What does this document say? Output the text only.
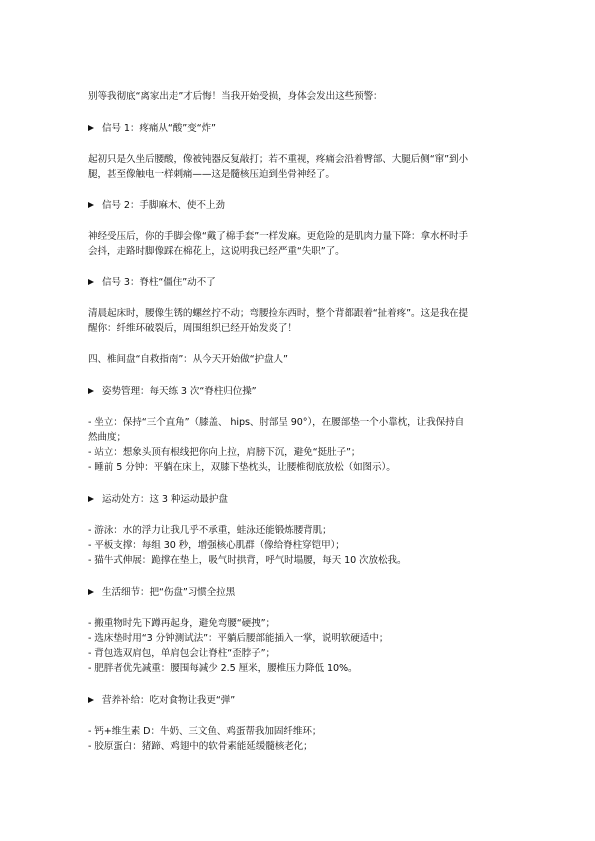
别等我彻底“离家出走”才后悔！当我开始受损，身体会发出这些预警：
信号 1：疼痛从“酸”变“炸”
起初只是久坐后腰酸，像被钝器反复敲打；若不重视，疼痛会沿着臀部、大腿后侧“窜”到小
腿，甚至像触电一样刺痛——这是髓核压迫到坐骨神经了。
信号 2：手脚麻木、使不上劲
神经受压后，你的手脚会像“戴了棉手套”一样发麻。更危险的是肌肉力量下降：拿水杯时手
会抖，走路时脚像踩在棉花上，这说明我已经严重“失职”了。
信号 3：脊柱“僵住”动不了
清晨起床时，腰像生锈的螺丝拧不动；弯腰捡东西时，整个背都跟着“扯着疼”。这是我在提
醒你：纤维环破裂后，周围组织已经开始发炎了！
四、椎间盘“自救指南”：从今天开始做“护盘人”
姿势管理：每天练 3 次“脊柱归位操”
- 坐立：保持“三个直角”（膝盖、 hips、肘部呈 90°），在腰部垫一个小靠枕，让我保持自
然曲度；
- 站立：想象头顶有根线把你向上拉，肩膀下沉，避免“挺肚子”；
- 睡前 5 分钟：平躺在床上，双膝下垫枕头，让腰椎彻底放松（如图示）。
运动处方：这 3 种运动最护盘
- 游泳：水的浮力让我几乎不承重，蛙泳还能锻炼腰背肌；
- 平板支撑：每组 30 秒，增强核心肌群（像给脊柱穿铠甲）；
- 猫牛式伸展：跪撑在垫上，吸气时拱背，呼气时塌腰，每天 10 次放松我。
生活细节：把“伤盘”习惯全拉黑
- 搬重物时先下蹲再起身，避免弯腰“硬拽”；
- 选床垫时用“3 分钟测试法”：平躺后腰部能插入一掌，说明软硬适中；
- 背包选双肩包，单肩包会让脊柱“歪脖子”；
- 肥胖者优先减重：腰围每减少 2.5 厘米，腰椎压力降低 10%。
营养补给：吃对食物让我更“弹”
- 钙+维生素 D：牛奶、三文鱼、鸡蛋帮我加固纤维环；
- 胶原蛋白：猪蹄、鸡翅中的软骨素能延缓髓核老化；
